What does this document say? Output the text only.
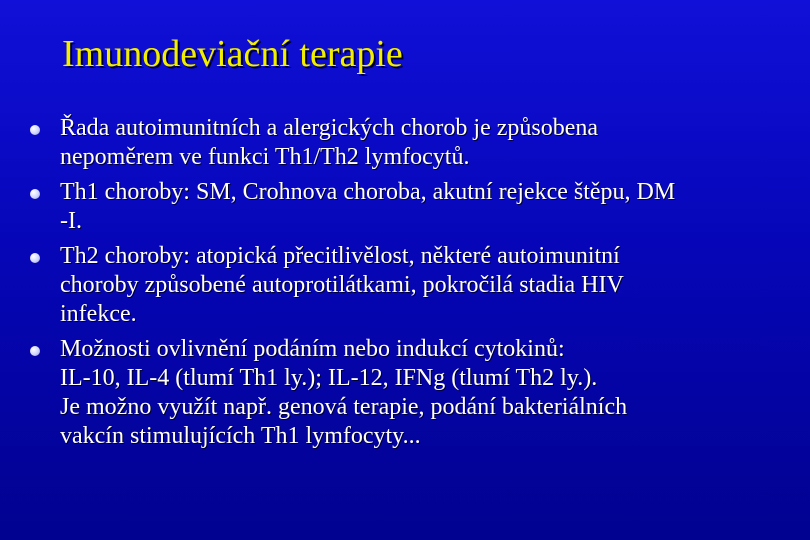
Imunodeviační terapie
Řada autoimunitních a alergických chorob je způsobena
nepoměrem ve funkci Th1/Th2 lymfocytů.
Th1 choroby: SM, Crohnova choroba, akutní rejekce štěpu, DM
-I.
Th2 choroby: atopická přecitlivělost, některé autoimunitní
choroby způsobené autoprotilátkami, pokročilá stadia HIV
infekce.
Možnosti ovlivnění podáním nebo indukcí cytokinů:
IL-10, IL-4 (tlumí Th1 ly.); IL-12, IFNg (tlumí Th2 ly.).
Je možno využít např. genová terapie, podání bakteriálních
vakcín stimulujících Th1 lymfocyty...
